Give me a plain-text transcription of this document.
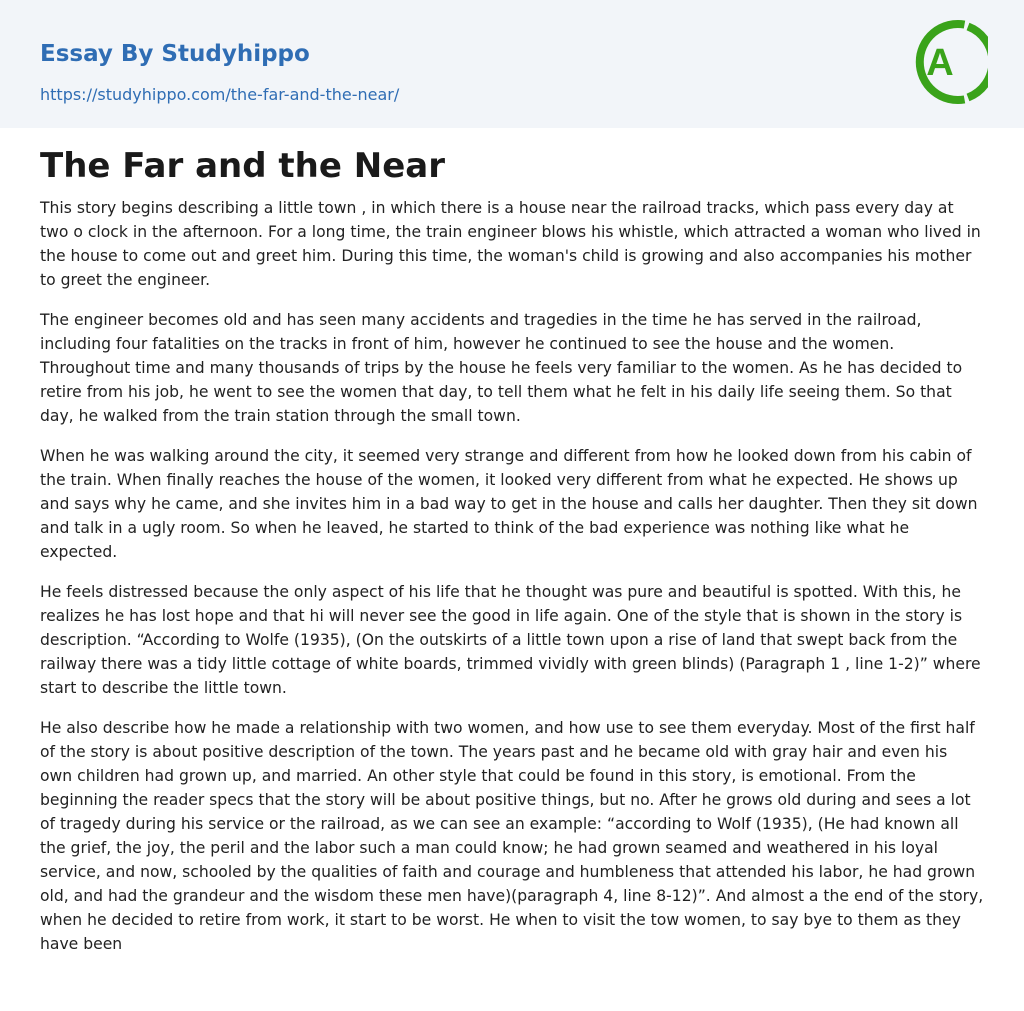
Essay By Studyhippo
https://studyhippo.com/the-far-and-the-near/
A
The Far and the Near

This story begins describing a little town , in which there is a house near the railroad tracks, which pass every day at two o clock in the afternoon. For a long time, the train engineer blows his whistle, which attracted a woman who lived in the house to come out and greet him. During this time, the woman's child is growing and also accompanies his mother to greet the engineer.

The engineer becomes old and has seen many accidents and tragedies in the time he has served in the railroad, including four fatalities on the tracks in front of him, however he continued to see the house and the women. Throughout time and many thousands of trips by the house he feels very familiar to the women. As he has decided to retire from his job, he went to see the women that day, to tell them what he felt in his daily life seeing them. So that day, he walked from the train station through the small town.

When he was walking around the city, it seemed very strange and different from how he looked down from his cabin of the train. When finally reaches the house of the women, it looked very different from what he expected. He shows up and says why he came, and she invites him in a bad way to get in the house and calls her daughter. Then they sit down and talk in a ugly room. So when he leaved, he started to think of the bad experience was nothing like what he expected.

He feels distressed because the only aspect of his life that he thought was pure and beautiful is spotted. With this, he realizes he has lost hope and that hi will never see the good in life again. One of the style that is shown in the story is description. “According to Wolfe (1935), (On the outskirts of a little town upon a rise of land that swept back from the railway there was a tidy little cottage of white boards, trimmed vividly with green blinds) (Paragraph 1 , line 1-2)” where start to describe the little town.

He also describe how he made a relationship with two women, and how use to see them everyday. Most of the first half of the story is about positive description of the town. The years past and he became old with gray hair and even his own children had grown up, and married. An other style that could be found in this story, is emotional. From the beginning the reader specs that the story will be about positive things, but no. After he grows old during and sees a lot of tragedy during his service or the railroad, as we can see an example: “according to Wolf (1935), (He had known all the grief, the joy, the peril and the labor such a man could know; he had grown seamed and weathered in his loyal service, and now, schooled by the qualities of faith and courage and humbleness that attended his labor, he had grown old, and had the grandeur and the wisdom these men have)(paragraph 4, line 8-12)”. And almost a the end of the story, when he decided to retire from work, it start to be worst. He when to visit the tow women, to say bye to them as they have been
